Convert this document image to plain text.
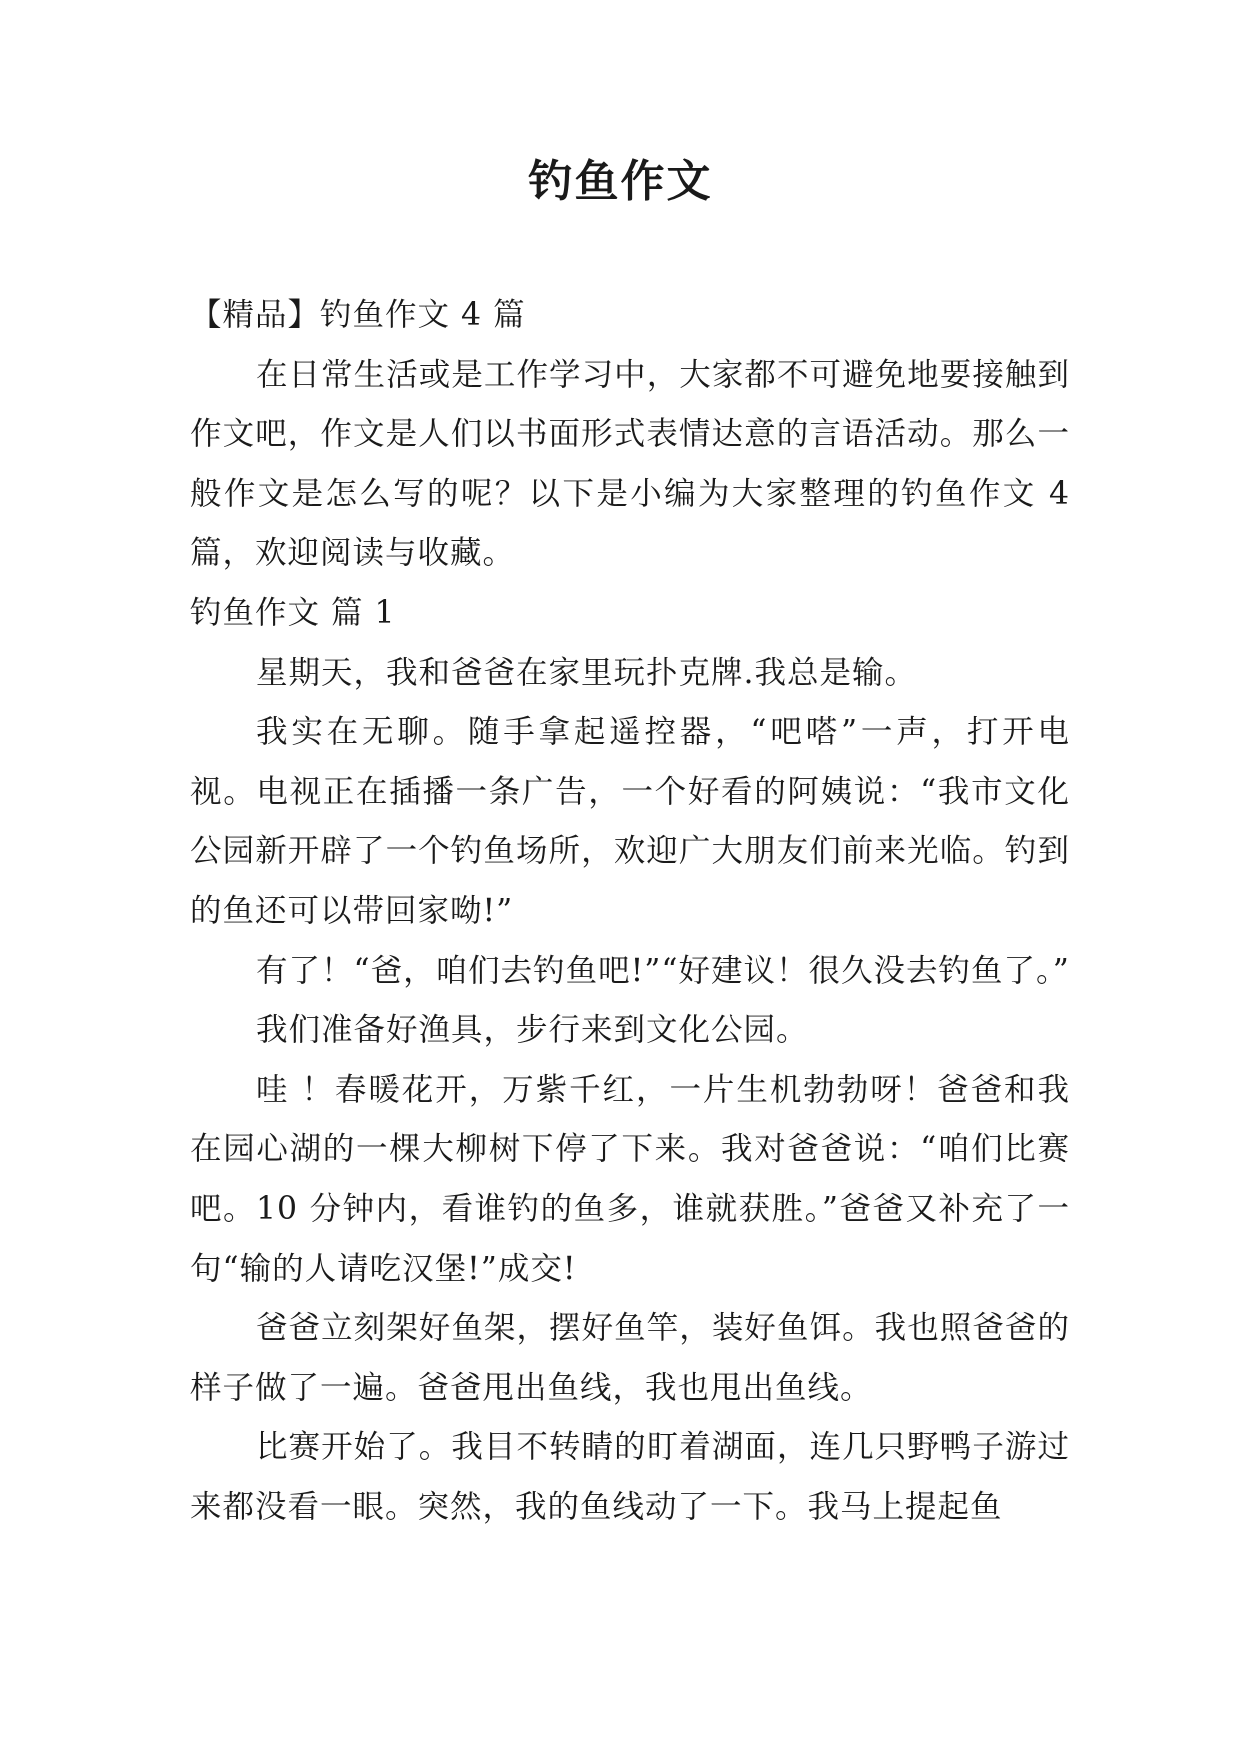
钓鱼作文

【精品】钓鱼作文 4 篇

在日常生活或是工作学习中，大家都不可避免地要接触到作文吧，作文是人们以书面形式表情达意的言语活动。那么一般作文是怎么写的呢？以下是小编为大家整理的钓鱼作文 4 篇，欢迎阅读与收藏。

钓鱼作文 篇 1

星期天，我和爸爸在家里玩扑克牌.我总是输。

我实在无聊。随手拿起遥控器，“吧嗒”一声，打开电视。电视正在插播一条广告，一个好看的阿姨说：“我市文化公园新开辟了一个钓鱼场所，欢迎广大朋友们前来光临。钓到的鱼还可以带回家呦!”

有了！“爸，咱们去钓鱼吧!”“好建议！很久没去钓鱼了。”

我们准备好渔具，步行来到文化公园。

哇 ！春暖花开，万紫千红，一片生机勃勃呀！爸爸和我在园心湖的一棵大柳树下停了下来。我对爸爸说：“咱们比赛吧。10 分钟内，看谁钓的鱼多，谁就获胜。”爸爸又补充了一句“输的人请吃汉堡!”成交!

爸爸立刻架好鱼架，摆好鱼竿，装好鱼饵。我也照爸爸的样子做了一遍。爸爸甩出鱼线，我也甩出鱼线。

比赛开始了。我目不转睛的盯着湖面，连几只野鸭子游过来都没看一眼。突然，我的鱼线动了一下。我马上提起鱼
